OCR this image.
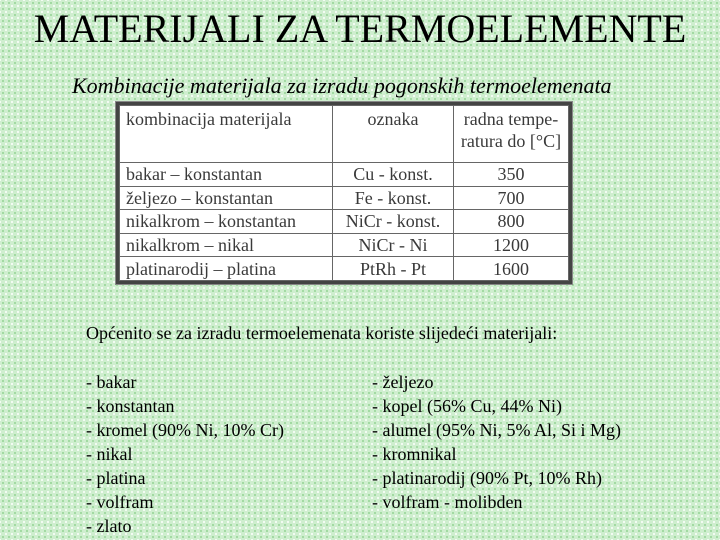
MATERIJALI ZA TERMOELEMENTE
Kombinacije materijala za izradu pogonskih termoelemenata
kombinacija materijala	oznaka	radna tempe-
ratura do [°C]
bakar – konstantan	Cu - konst.	350
željezo – konstantan	Fe - konst.	700
nikalkrom – konstantan	NiCr - konst.	800
nikalkrom – nikal	NiCr - Ni	1200
platinarodij – platina	PtRh - Pt	1600
Općenito se za izradu termoelemenata koriste slijedeći materijali:
- bakar
- konstantan
- kromel (90% Ni, 10% Cr)
- nikal
- platina
- volfram
- zlato
- željezo
- kopel (56% Cu, 44% Ni)
- alumel (95% Ni, 5% Al, Si i Mg)
- kromnikal
- platinarodij (90% Pt, 10% Rh)
- volfram - molibden
